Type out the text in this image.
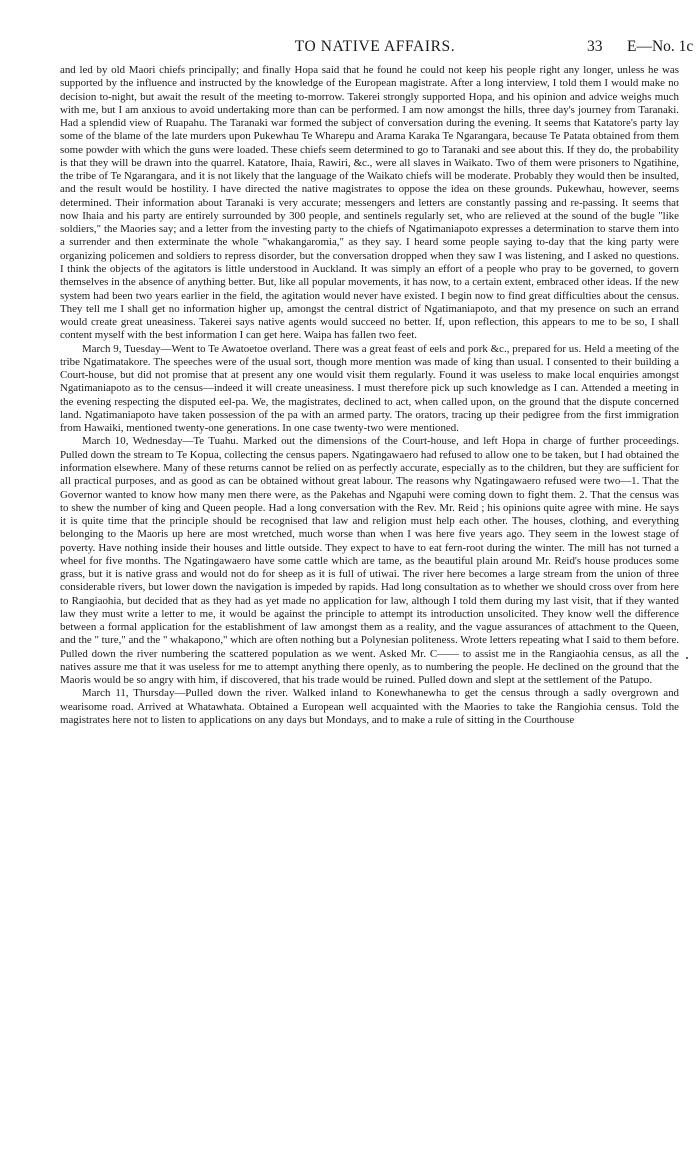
TO NATIVE AFFAIRS.	33 E—No. 1c

and led by old Maori chiefs principally; and finally Hopa said that he found he could not keep his people right any longer, unless he was supported by the influence and instructed by the knowledge of the European magistrate. After a long interview, I told them I would make no decision to-night, but await the result of the meeting to-morrow. Takerei strongly supported Hopa, and his opinion and advice weighs much with me, but I am anxious to avoid undertaking more than can be performed. I am now amongst the hills, three day's journey from Taranaki. Had a splendid view of Ruapahu. The Taranaki war formed the subject of conversation during the evening. It seems that Katatore's party lay some of the blame of the late murders upon Pukewhau Te Wharepu and Arama Karaka Te Ngarangara, because Te Patata obtained from them some powder with which the guns were loaded. These chiefs seem determined to go to Taranaki and see about this. If they do, the probability is that they will be drawn into the quarrel. Katatore, Ihaia, Rawiri, &c., were all slaves in Waikato. Two of them were prisoners to Ngatihine, the tribe of Te Ngarangara, and it is not likely that the language of the Waikato chiefs will be moderate. Probably they would then be insulted, and the result would be hostility. I have directed the native magistrates to oppose the idea on these grounds. Pukewhau, however, seems determined. Their information about Taranaki is very accurate; messengers and letters are constantly passing and re-passing. It seems that now Ihaia and his party are entirely surrounded by 300 people, and sentinels regularly set, who are relieved at the sound of the bugle "like soldiers," the Maories say; and a letter from the investing party to the chiefs of Ngatimaniapoto expresses a determination to starve them into a surrender and then exterminate the whole "whakangaromia," as they say. I heard some people saying to-day that the king party were organizing policemen and soldiers to repress disorder, but the conversation dropped when they saw I was listening, and I asked no questions. I think the objects of the agitators is little understood in Auckland. It was simply an effort of a people who pray to be governed, to govern themselves in the absence of anything better. But, like all popular movements, it has now, to a certain extent, embraced other ideas. If the new system had been two years earlier in the field, the agitation would never have existed. I begin now to find great difficulties about the census. They tell me I shall get no information higher up, amongst the central district of Ngatimaniapoto, and that my presence on such an errand would create great uneasiness. Takerei says native agents would succeed no better. If, upon reflection, this appears to me to be so, I shall content myself with the best information I can get here. Waipa has fallen two feet.

March 9, Tuesday—Went to Te Awatoetoe overland. There was a great feast of eels and pork &c., prepared for us. Held a meeting of the tribe Ngatimatakore. The speeches were of the usual sort, though more mention was made of king than usual. I consented to their building a Court-house, but did not promise that at present any one would visit them regularly. Found it was useless to make local enquiries amongst Ngatimaniapoto as to the census—indeed it will create uneasiness. I must therefore pick up such knowledge as I can. Attended a meeting in the evening respecting the disputed eel-pa. We, the magistrates, declined to act, when called upon, on the ground that the dispute concerned land. Ngatimaniapoto have taken possession of the pa with an armed party. The orators, tracing up their pedigree from the first immigration from Hawaiki, mentioned twenty-one generations. In one case twenty-two were mentioned.

March 10, Wednesday—Te Tuahu. Marked out the dimensions of the Court-house, and left Hopa in charge of further proceedings. Pulled down the stream to Te Kopua, collecting the census papers. Ngatingawaero had refused to allow one to be taken, but I had obtained the information elsewhere. Many of these returns cannot be relied on as perfectly accurate, especially as to the children, but they are sufficient for all practical purposes, and as good as can be obtained without great labour. The reasons why Ngatingawaero refused were two—1. That the Governor wanted to know how many men there were, as the Pakehas and Ngapuhi were coming down to fight them. 2. That the census was to shew the number of king and Queen people. Had a long conversation with the Rev. Mr. Reid ; his opinions quite agree with mine. He says it is quite time that the principle should be recognised that law and religion must help each other. The houses, clothing, and everything belonging to the Maoris up here are most wretched, much worse than when I was here five years ago. They seem in the lowest stage of poverty. Have nothing inside their houses and little outside. They expect to have to eat fern-root during the winter. The mill has not turned a wheel for five months. The Ngatingawaero have some cattle which are tame, as the beautiful plain around Mr. Reid's house produces some grass, but it is native grass and would not do for sheep as it is full of utiwai. The river here becomes a large stream from the union of three considerable rivers, but lower down the navigation is impeded by rapids. Had long consultation as to whether we should cross over from here to Rangiaohia, but decided that as they had as yet made no application for law, although I told them during my last visit, that if they wanted law they must write a letter to me, it would be against the principle to attempt its introduction unsolicited. They know well the difference between a formal application for the establishment of law amongst them as a reality, and the vague assurances of attachment to the Queen, and the " ture," and the " whakapono," which are often nothing but a Polynesian politeness. Wrote letters repeating what I said to them before. Pulled down the river numbering the scattered population as we went. Asked Mr. C—— to assist me in the Rangiaohia census, as all the natives assure me that it was useless for me to attempt anything there openly, as to numbering the people. He declined on the ground that the Maoris would be so angry with him, if discovered, that his trade would be ruined. Pulled down and slept at the settlement of the Patupo.

March 11, Thursday—Pulled down the river. Walked inland to Konewhanewha to get the census through a sadly overgrown and wearisome road. Arrived at Whatawhata. Obtained a European well acquainted with the Maories to take the Rangiohia census. Told the magistrates here not to listen to applications on any days but Mondays, and to make a rule of sitting in the Courthouse
